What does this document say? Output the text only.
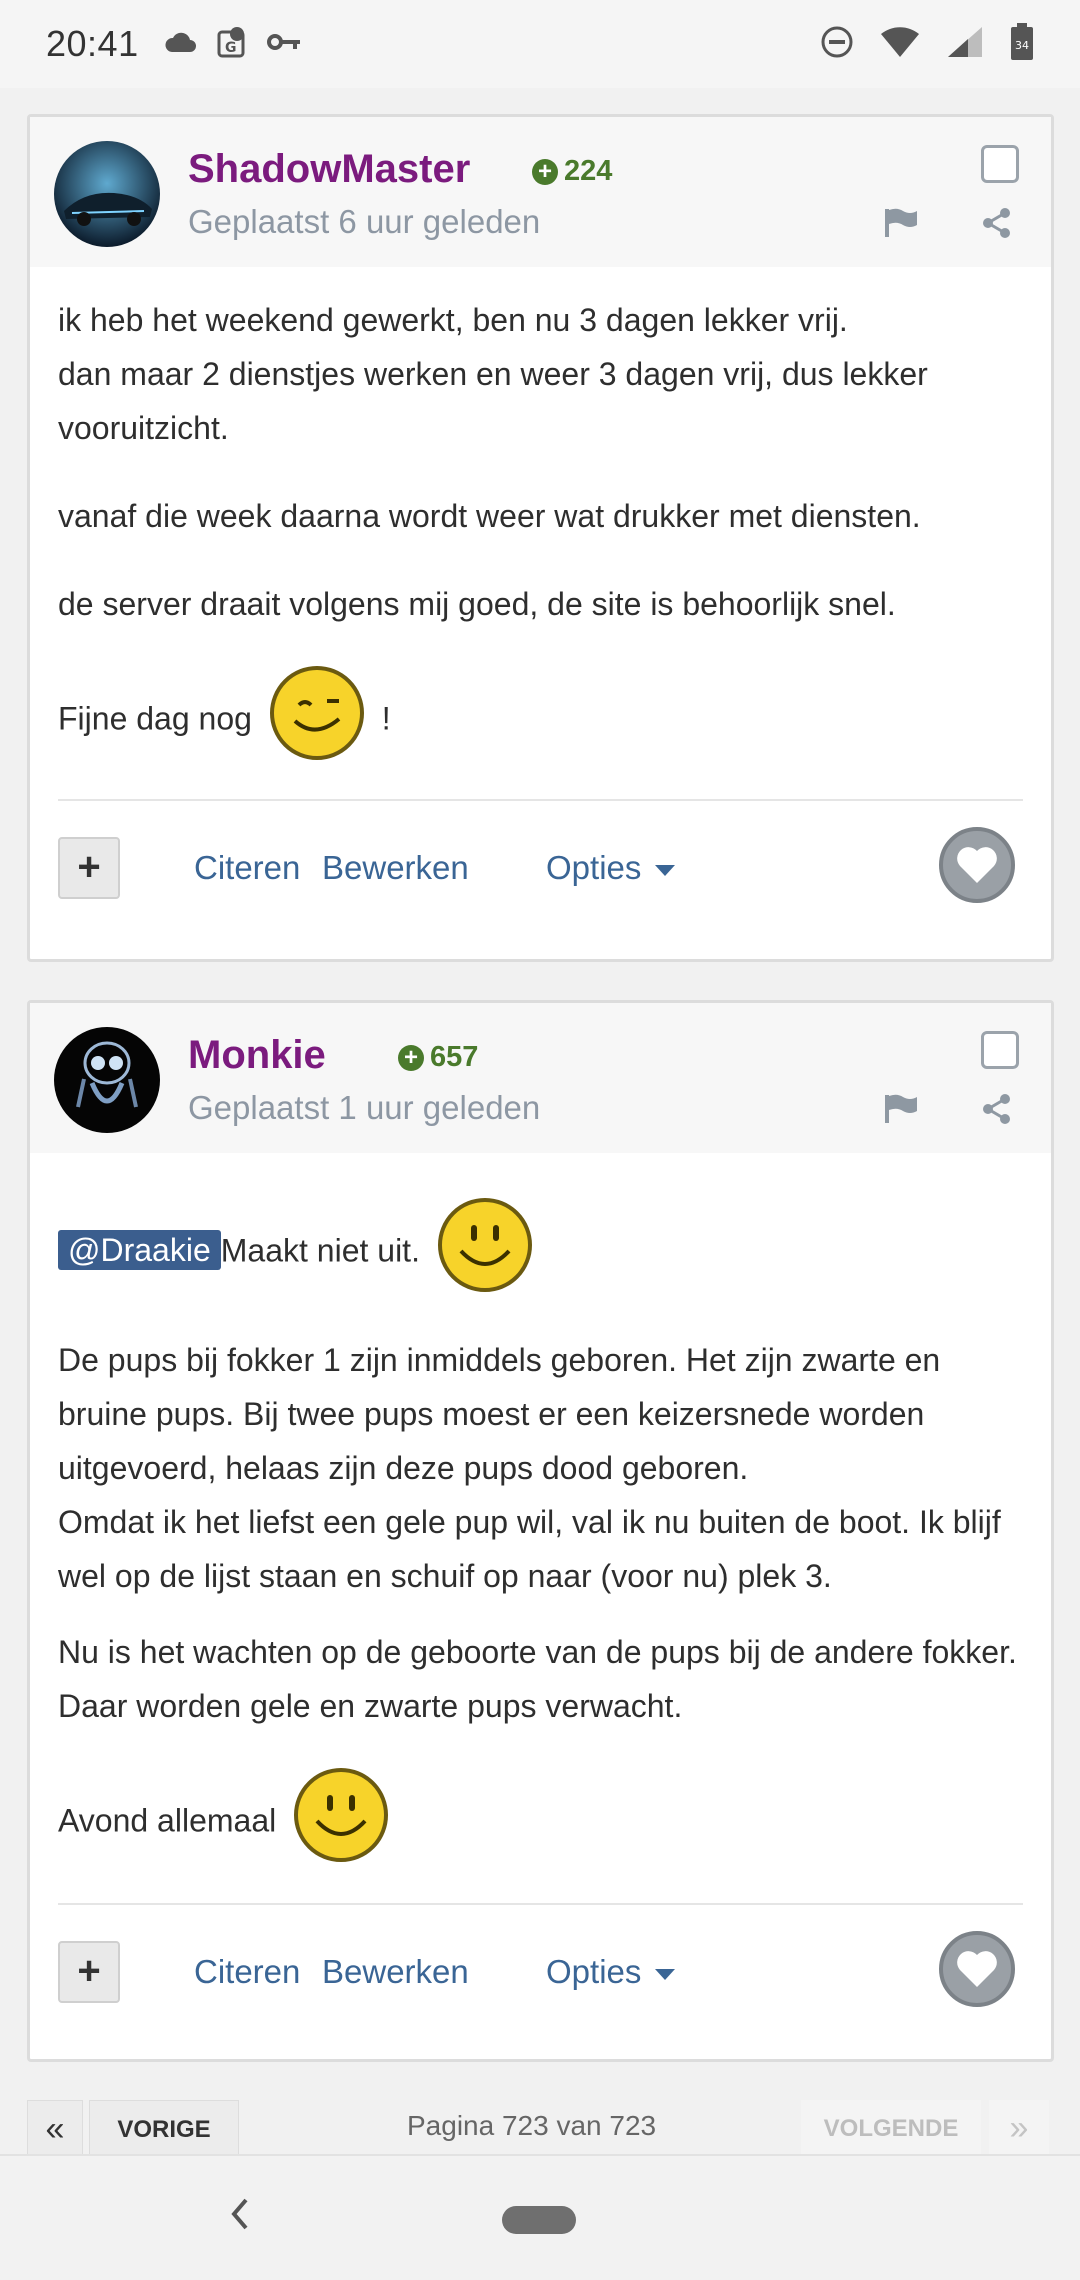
20:41	G	34
ShadowMaster	+ 224
Geplaatst 6 uur geleden

ik heb het weekend gewerkt, ben nu 3 dagen lekker vrij.
dan maar 2 dienstjes werken en weer 3 dagen vrij, dus lekker vooruitzicht.

vanaf die week daarna wordt weer wat drukker met diensten.

de server draait volgens mij goed, de site is behoorlijk snel.

Fijne dag nog	!

+	Citeren Bewerken Opties
Monkie	+ 657
Geplaatst 1 uur geleden

@Draakie Maakt niet uit.

De pups bij fokker 1 zijn inmiddels geboren. Het zijn zwarte en bruine pups. Bij twee pups moest er een keizersnede worden uitgevoerd, helaas zijn deze pups dood geboren.
Omdat ik het liefst een gele pup wil, val ik nu buiten de boot. Ik blijf wel op de lijst staan en schuif op naar (voor nu) plek 3.

Nu is het wachten op de geboorte van de pups bij de andere fokker. Daar worden gele en zwarte pups verwacht.

Avond allemaal

+	Citeren Bewerken Opties
«	VORIGE	Pagina 723 van 723	VOLGENDE	»
